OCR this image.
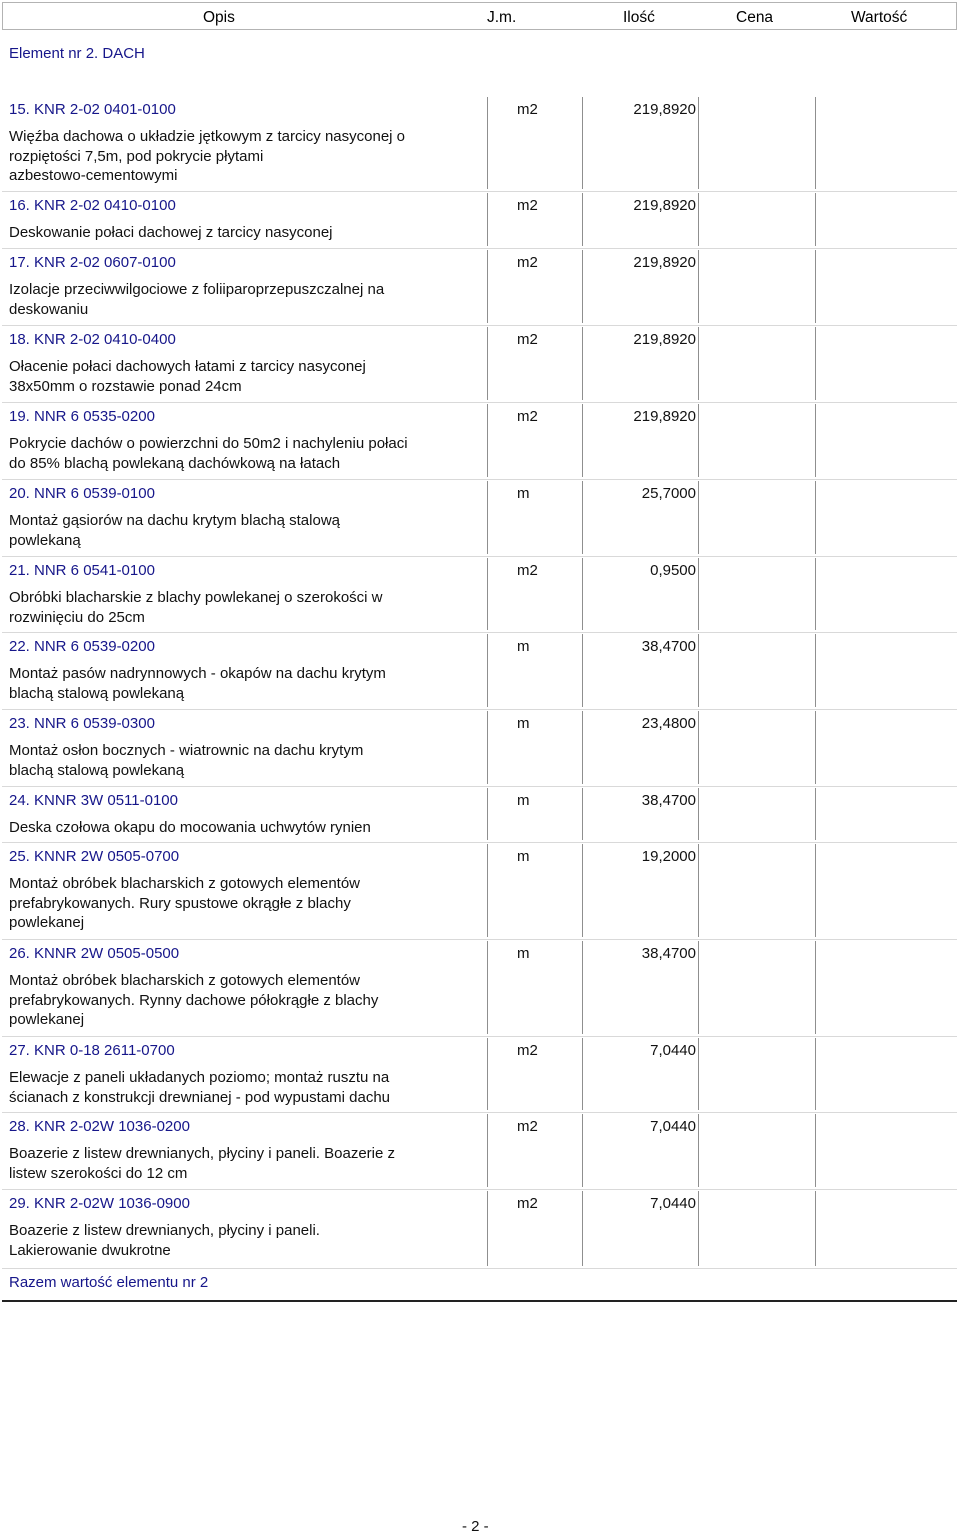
Opis	J.m.	Ilość	Cena	Wartość
Element nr 2. DACH
15. KNR 2-02 0401-0100	m2	219,8920
Więźba dachowa o układzie jętkowym z tarcicy nasyconej o
rozpiętości 7,5m, pod pokrycie płytami
azbestowo-cementowymi
16. KNR 2-02 0410-0100	m2	219,8920
Deskowanie połaci dachowej z tarcicy nasyconej
17. KNR 2-02 0607-0100	m2	219,8920
Izolacje przeciwwilgociowe z foliiparoprzepuszczalnej na
deskowaniu
18. KNR 2-02 0410-0400	m2	219,8920
Ołacenie połaci dachowych łatami z tarcicy nasyconej
38x50mm o rozstawie ponad 24cm
19. NNR 6 0535-0200	m2	219,8920
Pokrycie dachów o powierzchni do 50m2 i nachyleniu połaci
do 85% blachą powlekaną dachówkową na łatach
20. NNR 6 0539-0100	m	25,7000
Montaż gąsiorów na dachu krytym blachą stalową
powlekaną
21. NNR 6 0541-0100	m2	0,9500
Obróbki blacharskie z blachy powlekanej o szerokości w
rozwinięciu do 25cm
22. NNR 6 0539-0200	m	38,4700
Montaż pasów nadrynnowych - okapów na dachu krytym
blachą stalową powlekaną
23. NNR 6 0539-0300	m	23,4800
Montaż osłon bocznych - wiatrownic na dachu krytym
blachą stalową powlekaną
24. KNNR 3W 0511-0100	m	38,4700
Deska czołowa okapu do mocowania uchwytów rynien
25. KNNR 2W 0505-0700	m	19,2000
Montaż obróbek blacharskich z gotowych elementów
prefabrykowanych. Rury spustowe okrągłe z blachy
powlekanej
26. KNNR 2W 0505-0500	m	38,4700
Montaż obróbek blacharskich z gotowych elementów
prefabrykowanych. Rynny dachowe półokrągłe z blachy
powlekanej
27. KNR 0-18 2611-0700	m2	7,0440
Elewacje z paneli układanych poziomo; montaż rusztu na
ścianach z konstrukcji drewnianej - pod wypustami dachu
28. KNR 2-02W 1036-0200	m2	7,0440
Boazerie z listew drewnianych, płyciny i paneli. Boazerie z
listew szerokości do 12 cm
29. KNR 2-02W 1036-0900	m2	7,0440
Boazerie z listew drewnianych, płyciny i paneli.
Lakierowanie dwukrotne
Razem wartość elementu nr 2
- 2 -
